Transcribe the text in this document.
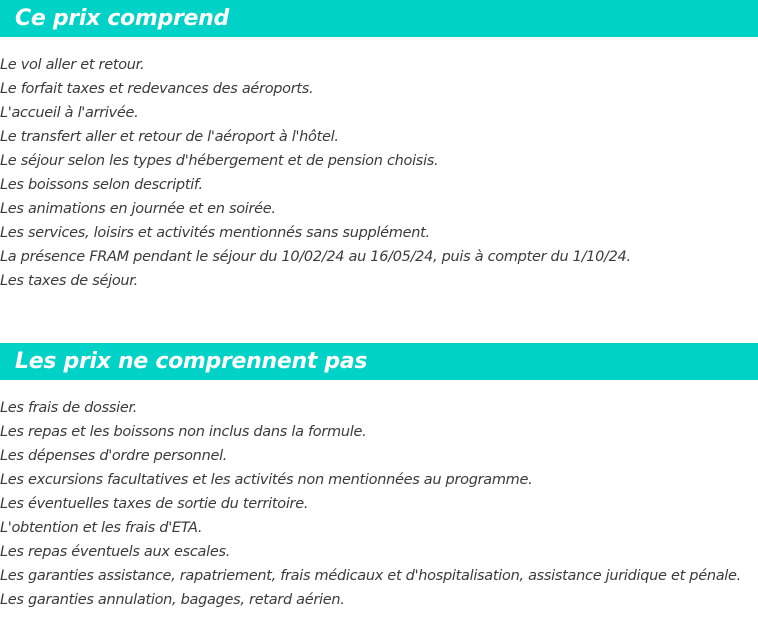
Ce prix comprend
Le vol aller et retour.
Le forfait taxes et redevances des aéroports.
L'accueil à l'arrivée.
Le transfert aller et retour de l'aéroport à l'hôtel.
Le séjour selon les types d'hébergement et de pension choisis.
Les boissons selon descriptif.
Les animations en journée et en soirée.
Les services, loisirs et activités mentionnés sans supplément.
La présence FRAM pendant le séjour du 10/02/24 au 16/05/24, puis à compter du 1/10/24.
Les taxes de séjour.
Les prix ne comprennent pas
Les frais de dossier.
Les repas et les boissons non inclus dans la formule.
Les dépenses d'ordre personnel.
Les excursions facultatives et les activités non mentionnées au programme.
Les éventuelles taxes de sortie du territoire.
L'obtention et les frais d'ETA.
Les repas éventuels aux escales.
Les garanties assistance, rapatriement, frais médicaux et d'hospitalisation, assistance juridique et pénale.
Les garanties annulation, bagages, retard aérien.
